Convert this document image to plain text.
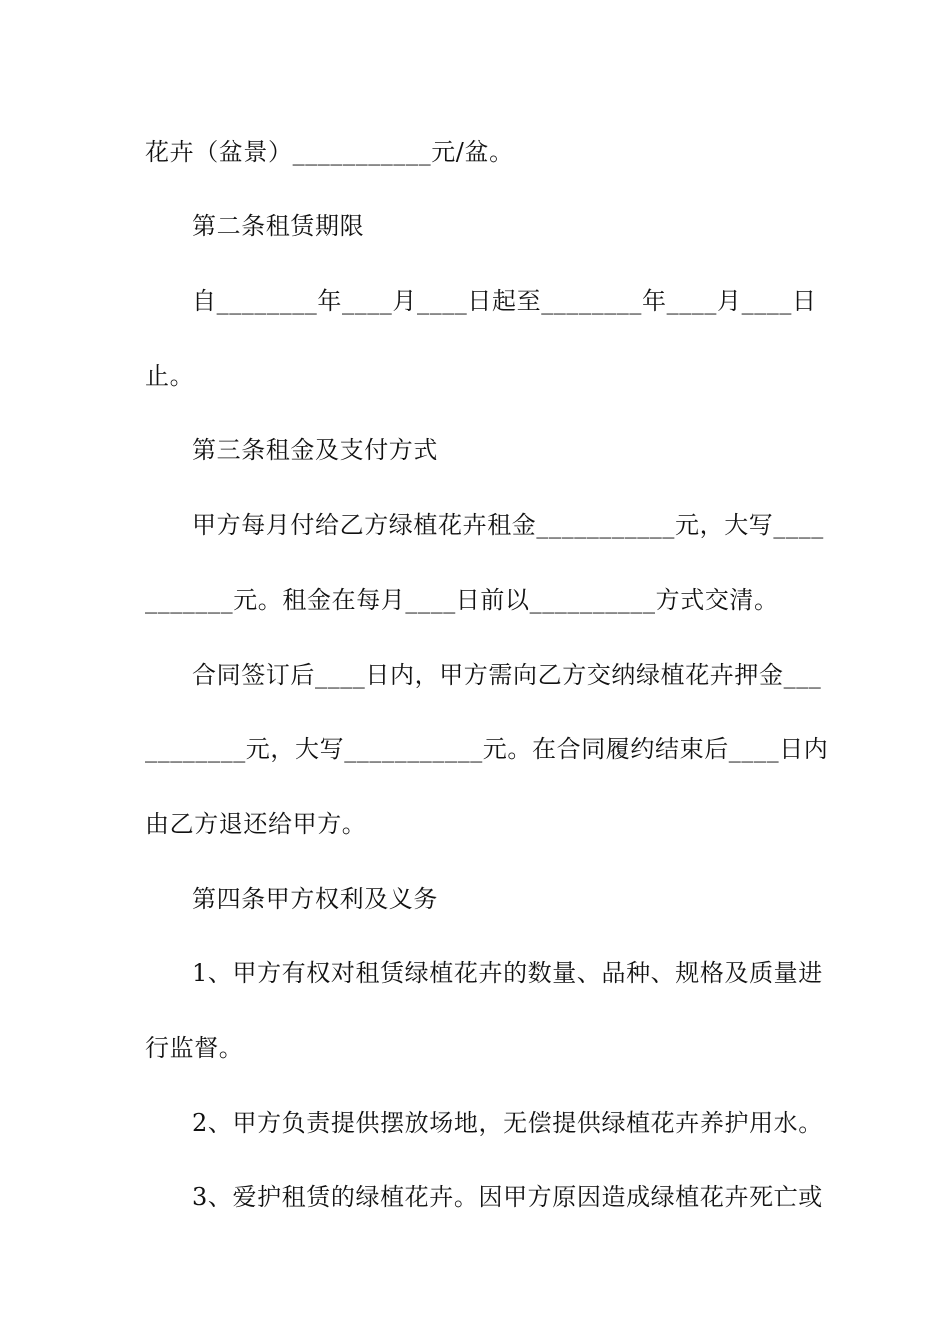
花卉（盆景）___________元/盆。
第二条租赁期限
自________年____月____日起至________年____月____日
止。
第三条租金及支付方式
甲方每月付给乙方绿植花卉租金___________元，大写____
_______元。租金在每月____日前以__________方式交清。
合同签订后____日内，甲方需向乙方交纳绿植花卉押金___
________元，大写___________元。在合同履约结束后____日内
由乙方退还给甲方。
第四条甲方权利及义务
1、甲方有权对租赁绿植花卉的数量、品种、规格及质量进
行监督。
2、甲方负责提供摆放场地，无偿提供绿植花卉养护用水。
3、爱护租赁的绿植花卉。因甲方原因造成绿植花卉死亡或
